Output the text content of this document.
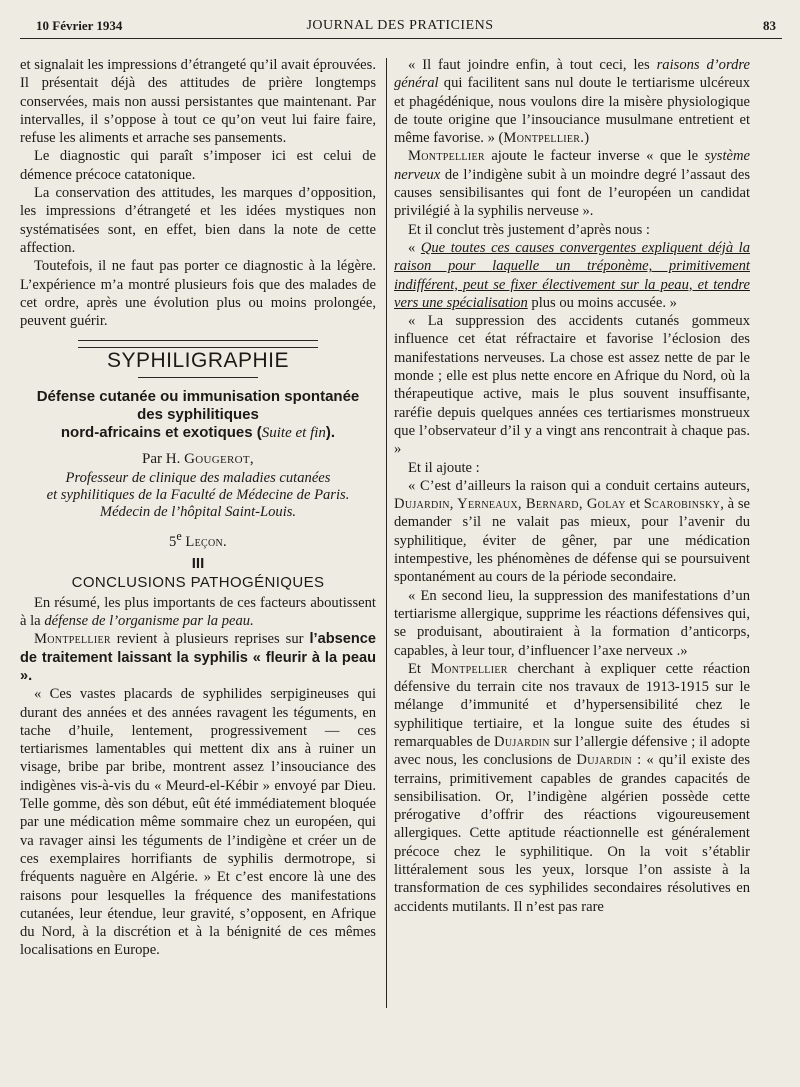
10 Février 1934	JOURNAL DES PRATICIENS	83

et signalait les impressions d’étrangeté qu’il avait éprouvées. Il présentait déjà des attitudes de prière longtemps conservées, mais non aussi persistantes que maintenant. Par intervalles, il s’oppose à tout ce qu’on veut lui faire faire, refuse les aliments et arrache ses pansements.

Le diagnostic qui paraît s’imposer ici est celui de démence précoce catatonique.

La conservation des attitudes, les marques d’opposition, les impressions d’étrangeté et les idées mystiques non systématisées sont, en effet, bien dans la note de cette affection.

Toutefois, il ne faut pas porter ce diagnostic à la légère. L’expérience m’a montré plusieurs fois que des malades de cet ordre, après une évolution plus ou moins prolongée, peuvent guérir.

SYPHILIGRAPHIE
Défense cutanée ou immunisation spontanée
des syphilitiques
nord-africains et exotiques (Suite et fin).
Par H. Gougerot,
Professeur de clinique des maladies cutanées
et syphilitiques de la Faculté de Médecine de Paris.
Médecin de l’hôpital Saint-Louis.
5e Leçon.
III
CONCLUSIONS PATHOGÉNIQUES

En résumé, les plus importants de ces facteurs aboutissent à la défense de l’organisme par la peau.

Montpellier revient à plusieurs reprises sur l’absence de traitement laissant la syphilis « fleurir à la peau ».

« Ces vastes placards de syphilides serpigineuses qui durant des années et des années ravagent les téguments, en tache d’huile, lentement, progressivement — ces tertiarismes lamentables qui mettent dix ans à ruiner un visage, bribe par bribe, montrent assez l’insouciance des indigènes vis-à-vis du « Meurd-el-Kébir » envoyé par Dieu. Telle gomme, dès son début, eût été immédiatement bloquée par une médication même sommaire chez un européen, qui va ravager ainsi les téguments de l’indigène et créer un de ces exemplaires horrifiants de syphilis dermotrope, si fréquents naguère en Algérie. » Et c’est encore là une des raisons pour lesquelles la fréquence des manifestations cutanées, leur étendue, leur gravité, s’opposent, en Afrique du Nord, à la discrétion et à la bénignité de ces mêmes localisations en Europe.

« Il faut joindre enfin, à tout ceci, les raisons d’ordre général qui facilitent sans nul doute le tertiarisme ulcéreux et phagédénique, nous voulons dire la misère physiologique de toute origine que l’insouciance musulmane entretient et même favorise. » (Montpellier.)

Montpellier ajoute le facteur inverse « que le système nerveux de l’indigène subit à un moindre degré l’assaut des causes sensibilisantes qui font de l’européen un candidat privilégié à la syphilis nerveuse ».

Et il conclut très justement d’après nous :

« Que toutes ces causes convergentes expliquent déjà la raison pour laquelle un tréponème, primitivement indifférent, peut se fixer électivement sur la peau, et tendre vers une spécialisation plus ou moins accusée. »

« La suppression des accidents cutanés gommeux influence cet état réfractaire et favorise l’éclosion des manifestations nerveuses. La chose est assez nette de par le monde ; elle est plus nette encore en Afrique du Nord, où la thérapeutique active, mais le plus souvent insuffisante, raréfie depuis quelques années ces tertiarismes monstrueux que l’observateur d’il y a vingt ans rencontrait à chaque pas. »

Et il ajoute :

« C’est d’ailleurs la raison qui a conduit certains auteurs, Dujardin, Yerneaux, Bernard, Golay et Scarobinsky, à se demander s’il ne valait pas mieux, pour l’avenir du syphilitique, éviter de gêner, par une médication intempestive, les phénomènes de défense qui se poursuivent spontanément au cours de la période secondaire.

« En second lieu, la suppression des manifestations d’un tertiarisme allergique, supprime les réactions défensives qui, se produisant, aboutiraient à la formation d’anticorps, capables, à leur tour, d’influencer l’axe nerveux .»

Et Montpellier cherchant à expliquer cette réaction défensive du terrain cite nos travaux de 1913-1915 sur le mélange d’immunité et d’hypersensibilité chez le syphilitique tertiaire, et la longue suite des études si remarquables de Dujardin sur l’allergie défensive ; il adopte avec nous, les conclusions de Dujardin : « qu’il existe des terrains, primitivement capables de grandes capacités de sensibilisation. Or, l’indigène algérien possède cette prérogative d’offrir des réactions vigoureusement allergiques. Cette aptitude réactionnelle est généralement précoce chez le syphilitique. On la voit s’établir littéralement sous les yeux, lorsque l’on assiste à la transformation de ces syphilides secondaires résolutives en accidents mutilants. Il n’est pas rare
